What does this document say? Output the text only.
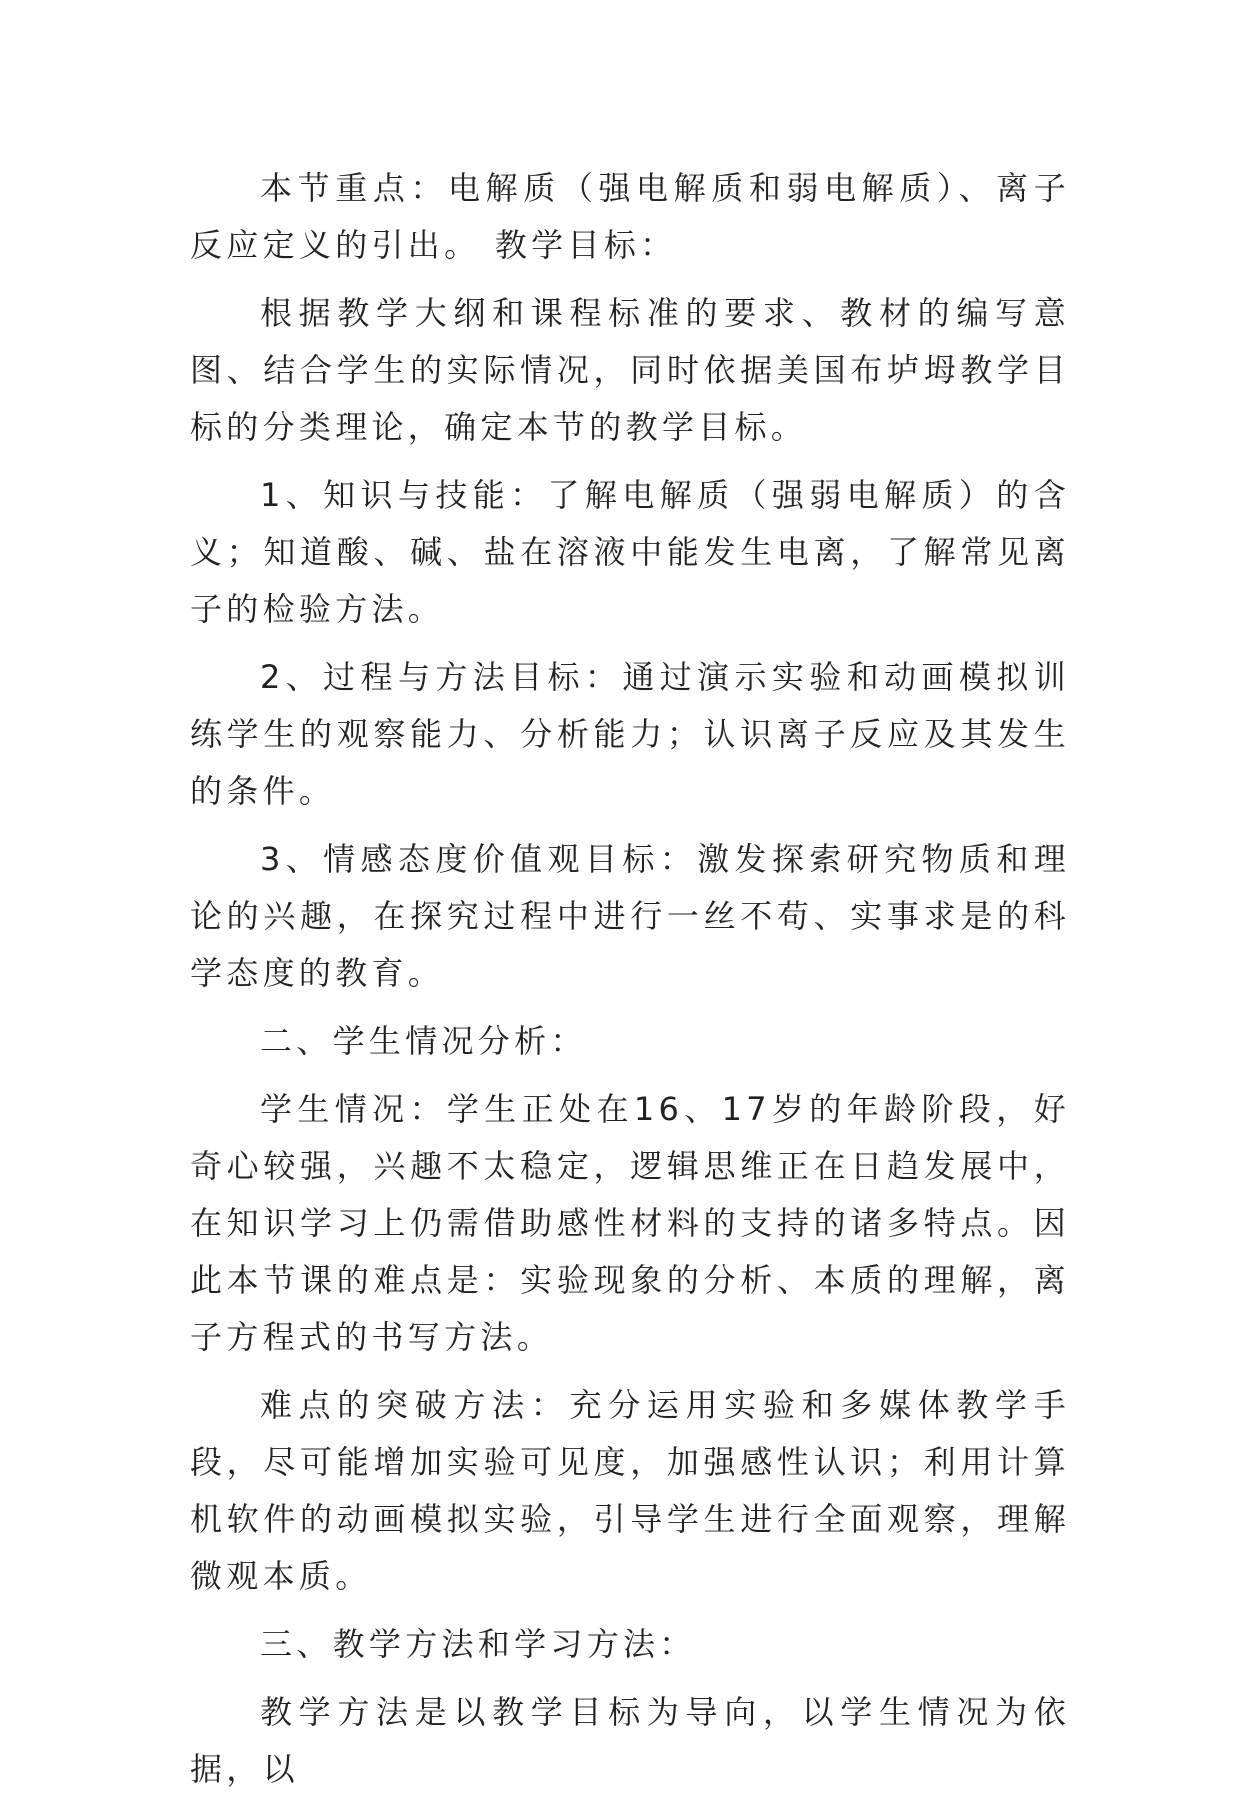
本节重点：电解质（强电解质和弱电解质）、离子反应定义的引出。 教学目标：

根据教学大纲和课程标准的要求、教材的编写意图、结合学生的实际情况，同时依据美国布垆坶教学目标的分类理论，确定本节的教学目标。

1、知识与技能：了解电解质（强弱电解质）的含义；知道酸、碱、盐在溶液中能发生电离，了解常见离子的检验方法。

2、过程与方法目标：通过演示实验和动画模拟训练学生的观察能力、分析能力；认识离子反应及其发生的条件。

3、情感态度价值观目标：激发探索研究物质和理论的兴趣，在探究过程中进行一丝不苟、实事求是的科学态度的教育。

二、学生情况分析：

学生情况：学生正处在16、17岁的年龄阶段，好奇心较强，兴趣不太稳定，逻辑思维正在日趋发展中，在知识学习上仍需借助感性材料的支持的诸多特点。因此本节课的难点是：实验现象的分析、本质的理解，离子方程式的书写方法。

难点的突破方法：充分运用实验和多媒体教学手段，尽可能增加实验可见度，加强感性认识；利用计算机软件的动画模拟实验，引导学生进行全面观察，理解微观本质。

三、教学方法和学习方法：

教学方法是以教学目标为导向，以学生情况为依据，以
